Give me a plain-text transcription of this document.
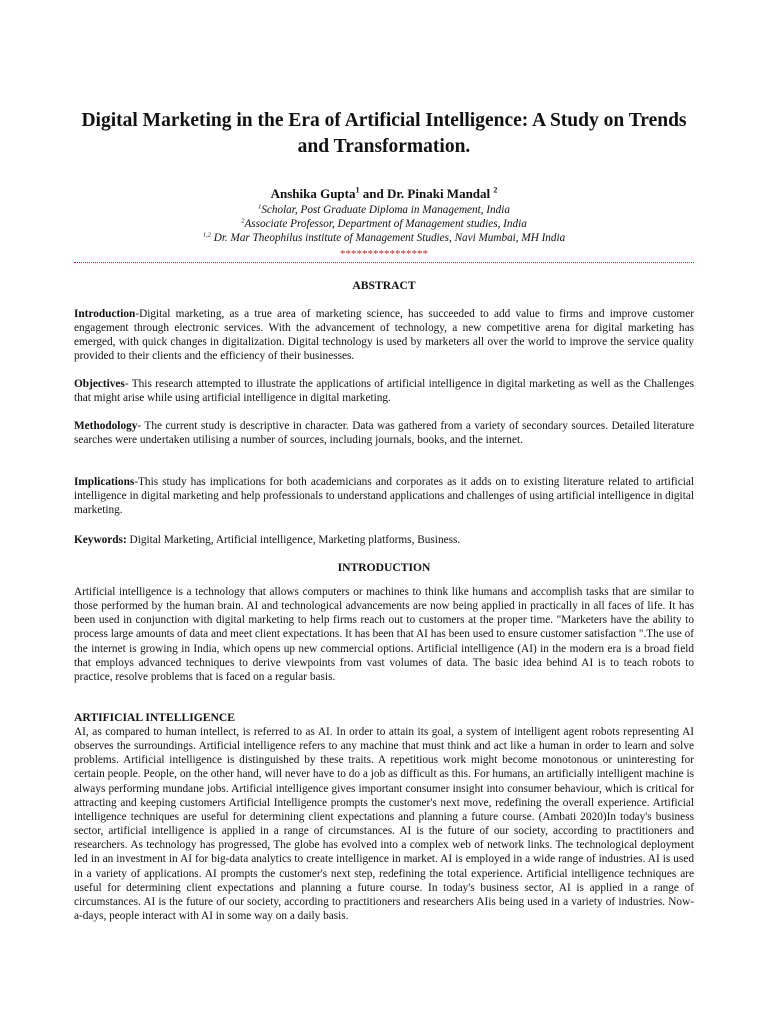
Digital Marketing in the Era of Artificial Intelligence: A Study on Trends and Transformation.
Anshika Gupta$^1$ and Dr. Pinaki Mandal $^2$
$^1$Scholar, Post Graduate Diploma in Management, India
$^2$Associate Professor, Department of Management studies, India
$^{1,2}$ Dr. Mar Theophilus institute of Management Studies, Navi Mumbai, MH India
****************
ABSTRACT
Introduction-Digital marketing, as a true area of marketing science, has succeeded to add value to firms and improve customer engagement through electronic services. With the advancement of technology, a new competitive arena for digital marketing has emerged, with quick changes in digitalization. Digital technology is used by marketers all over the world to improve the service quality provided to their clients and the efficiency of their businesses.
Objectives- This research attempted to illustrate the applications of artificial intelligence in digital marketing as well as the Challenges that might arise while using artificial intelligence in digital marketing.
Methodology- The current study is descriptive in character. Data was gathered from a variety of secondary sources. Detailed literature searches were undertaken utilising a number of sources, including journals, books, and the internet.
Implications-This study has implications for both academicians and corporates as it adds on to existing literature related to artificial intelligence in digital marketing and help professionals to understand applications and challenges of using artificial intelligence in digital marketing.
Keywords: Digital Marketing, Artificial intelligence, Marketing platforms, Business.
INTRODUCTION
Artificial intelligence is a technology that allows computers or machines to think like humans and accomplish tasks that are similar to those performed by the human brain. AI and technological advancements are now being applied in practically in all faces of life. It has been used in conjunction with digital marketing to help firms reach out to customers at the proper time. "Marketers have the ability to process large amounts of data and meet client expectations. It has been that AI has been used to ensure customer satisfaction ".The use of the internet is growing in India, which opens up new commercial options. Artificial intelligence (AI) in the modern era is a broad field that employs advanced techniques to derive viewpoints from vast volumes of data. The basic idea behind AI is to teach robots to practice, resolve problems that is faced on a regular basis.
ARTIFICIAL INTELLIGENCE
AI, as compared to human intellect, is referred to as AI. In order to attain its goal, a system of intelligent agent robots representing AI observes the surroundings. Artificial intelligence refers to any machine that must think and act like a human in order to learn and solve problems. Artificial intelligence is distinguished by these traits. A repetitious work might become monotonous or uninteresting for certain people. People, on the other hand, will never have to do a job as difficult as this. For humans, an artificially intelligent machine is always performing mundane jobs. Artificial intelligence gives important consumer insight into consumer behaviour, which is critical for attracting and keeping customers Artificial Intelligence prompts the customer's next move, redefining the overall experience. Artificial intelligence techniques are useful for determining client expectations and planning a future course. (Ambati 2020)In today's business sector, artificial intelligence is applied in a range of circumstances. AI is the future of our society, according to practitioners and researchers. As technology has progressed, The globe has evolved into a complex web of network links. The technological deployment led in an investment in AI for big-data analytics to create intelligence in market. AI is employed in a wide range of industries. AI is used in a variety of applications. AI prompts the customer's next step, redefining the total experience. Artificial intelligence techniques are useful for determining client expectations and planning a future course. In today's business sector, AI is applied in a range of circumstances. AI is the future of our society, according to practitioners and researchers AIis being used in a variety of industries. Now-a-days, people interact with AI in some way on a daily basis.
